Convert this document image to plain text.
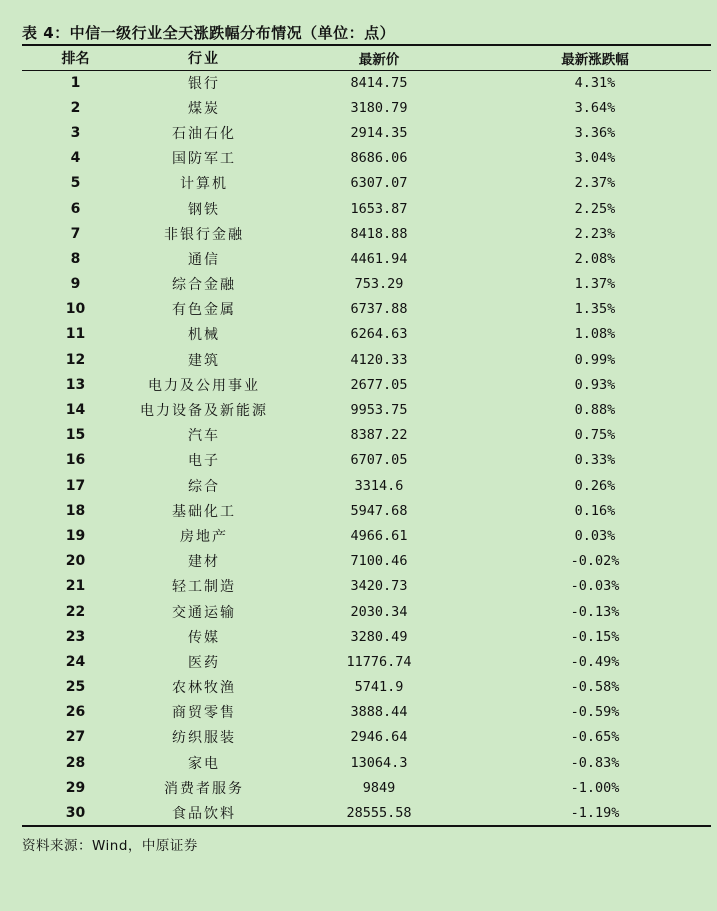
表 4：中信一级行业全天涨跌幅分布情况（单位：点）
排名	行业	最新价	最新涨跌幅
1	银行	8414.75	4.31%
2	煤炭	3180.79	3.64%
3	石油石化	2914.35	3.36%
4	国防军工	8686.06	3.04%
5	计算机	6307.07	2.37%
6	钢铁	1653.87	2.25%
7	非银行金融	8418.88	2.23%
8	通信	4461.94	2.08%
9	综合金融	753.29	1.37%
10	有色金属	6737.88	1.35%
11	机械	6264.63	1.08%
12	建筑	4120.33	0.99%
13	电力及公用事业	2677.05	0.93%
14	电力设备及新能源	9953.75	0.88%
15	汽车	8387.22	0.75%
16	电子	6707.05	0.33%
17	综合	3314.6	0.26%
18	基础化工	5947.68	0.16%
19	房地产	4966.61	0.03%
20	建材	7100.46	-0.02%
21	轻工制造	3420.73	-0.03%
22	交通运输	2030.34	-0.13%
23	传媒	3280.49	-0.15%
24	医药	11776.74	-0.49%
25	农林牧渔	5741.9	-0.58%
26	商贸零售	3888.44	-0.59%
27	纺织服装	2946.64	-0.65%
28	家电	13064.3	-0.83%
29	消费者服务	9849	-1.00%
30	食品饮料	28555.58	-1.19%
资料来源：Wind，中原证券
